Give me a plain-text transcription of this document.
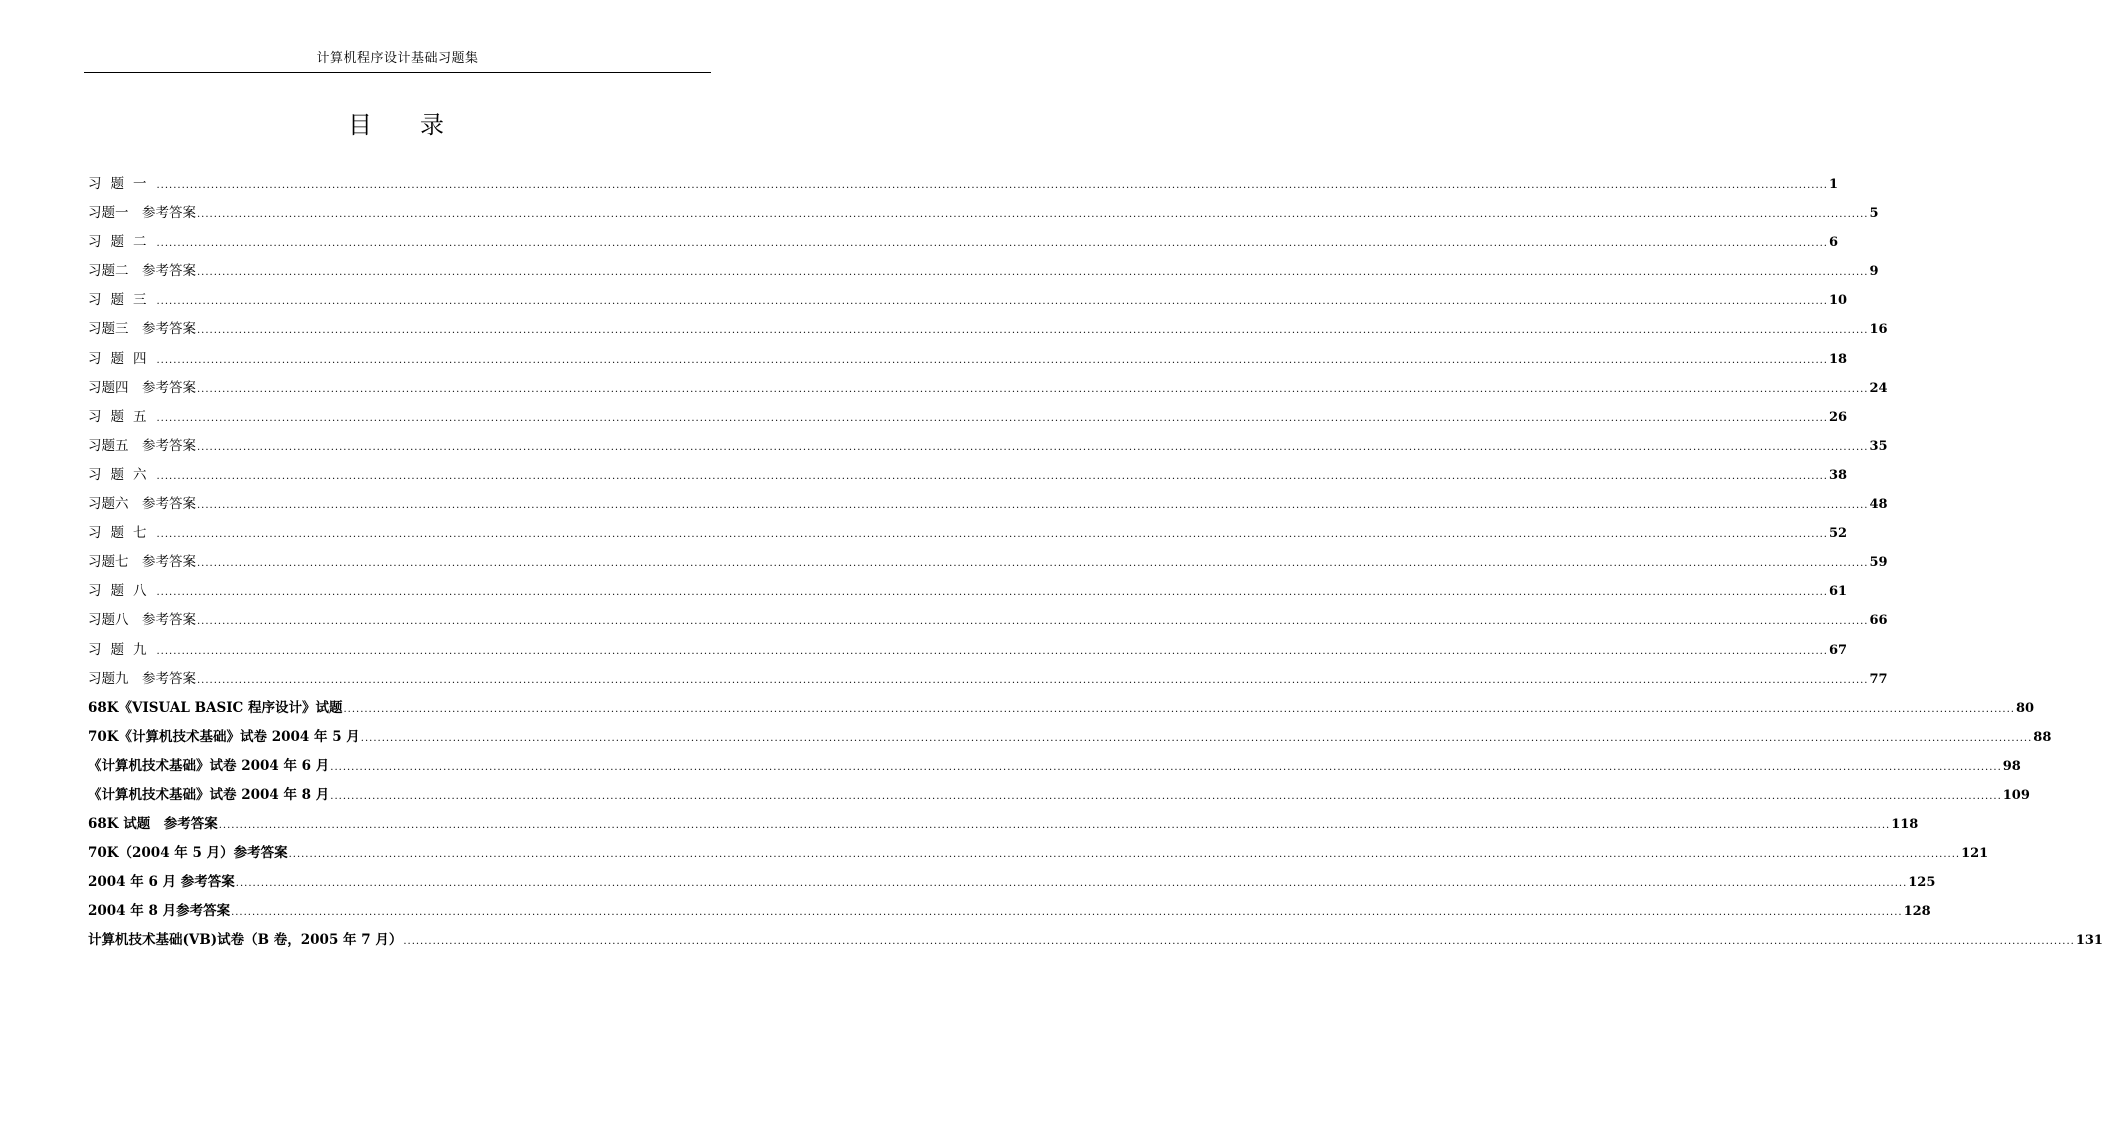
计算机程序设计基础习题集
目 录
习题一 ................................................................................................................................................................................................................................................................................................................................................................................................................ 1
习题一　参考答案 ................................................................................................................................................................................................................................................................................................................................................................................................................ 5
习题二 ................................................................................................................................................................................................................................................................................................................................................................................................................ 6
习题二　参考答案 ................................................................................................................................................................................................................................................................................................................................................................................................................ 9
习题三 ................................................................................................................................................................................................................................................................................................................................................................................................................ 10
习题三　参考答案 ................................................................................................................................................................................................................................................................................................................................................................................................................ 16
习题四 ................................................................................................................................................................................................................................................................................................................................................................................................................ 18
习题四　参考答案 ................................................................................................................................................................................................................................................................................................................................................................................................................ 24
习题五 ................................................................................................................................................................................................................................................................................................................................................................................................................ 26
习题五　参考答案 ................................................................................................................................................................................................................................................................................................................................................................................................................ 35
习题六 ................................................................................................................................................................................................................................................................................................................................................................................................................ 38
习题六　参考答案 ................................................................................................................................................................................................................................................................................................................................................................................................................ 48
习题七 ................................................................................................................................................................................................................................................................................................................................................................................................................ 52
习题七　参考答案 ................................................................................................................................................................................................................................................................................................................................................................................................................ 59
习题八 ................................................................................................................................................................................................................................................................................................................................................................................................................ 61
习题八　参考答案 ................................................................................................................................................................................................................................................................................................................................................................................................................ 66
习题九 ................................................................................................................................................................................................................................................................................................................................................................................................................ 67
习题九　参考答案 ................................................................................................................................................................................................................................................................................................................................................................................................................ 77
68K《VISUAL BASIC 程序设计》试题 ................................................................................................................................................................................................................................................................................................................................................................................................................ 80
70K《计算机技术基础》试卷 2004 年 5 月 ................................................................................................................................................................................................................................................................................................................................................................................................................ 88
《计算机技术基础》试卷 2004 年 6 月 ................................................................................................................................................................................................................................................................................................................................................................................................................ 98
《计算机技术基础》试卷 2004 年 8 月 ................................................................................................................................................................................................................................................................................................................................................................................................................ 109
68K 试题　参考答案 ................................................................................................................................................................................................................................................................................................................................................................................................................ 118
70K（2004 年 5 月）参考答案 ................................................................................................................................................................................................................................................................................................................................................................................................................ 121
2004 年 6 月 参考答案 ................................................................................................................................................................................................................................................................................................................................................................................................................ 125
2004 年 8 月参考答案 ................................................................................................................................................................................................................................................................................................................................................................................................................ 128
计算机技术基础(VB)试卷（B 卷，2005 年 7 月） ................................................................................................................................................................................................................................................................................................................................................................................................................ 131
